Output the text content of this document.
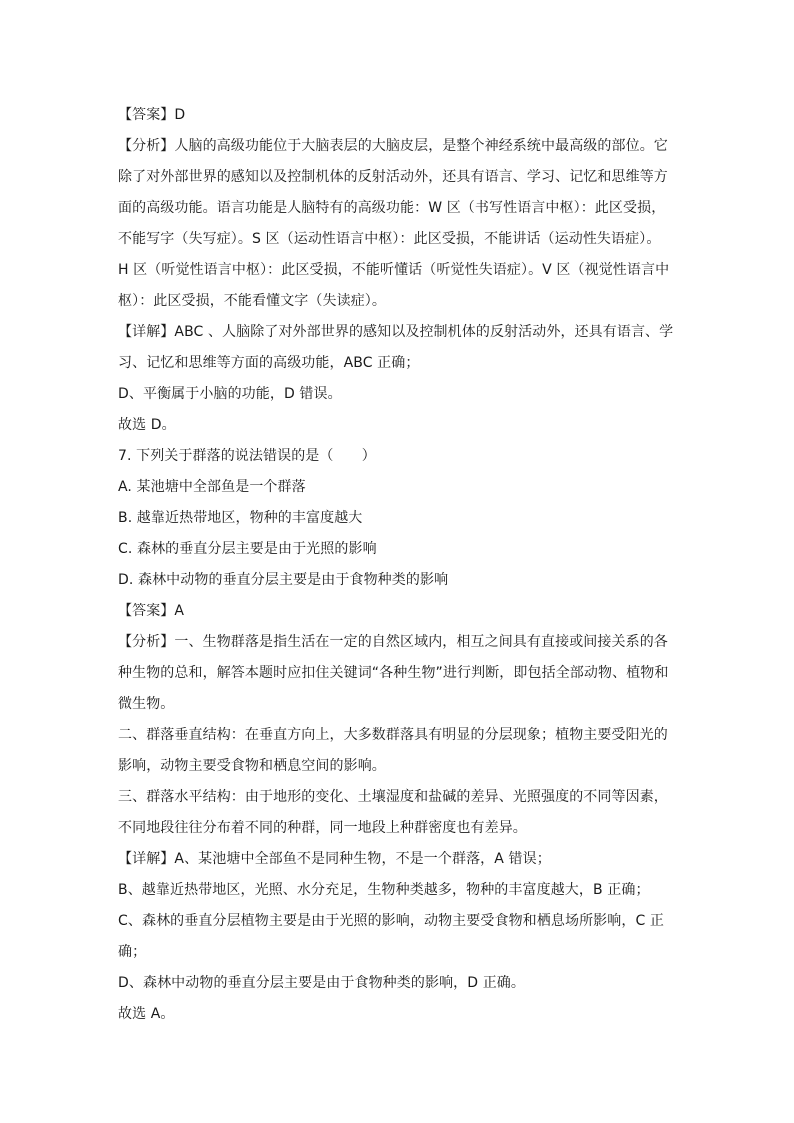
【答案】D
【分析】人脑的高级功能位于大脑表层的大脑皮层，是整个神经系统中最高级的部位。它
除了对外部世界的感知以及控制机体的反射活动外，还具有语言、学习、记忆和思维等方
面的高级功能。语言功能是人脑特有的高级功能：W 区（书写性语言中枢）：此区受损，
不能写字（失写症）。S 区（运动性语言中枢）：此区受损，不能讲话（运动性失语症）。
H 区（听觉性语言中枢）：此区受损，不能听懂话（听觉性失语症）。V 区（视觉性语言中
枢）：此区受损，不能看懂文字（失读症）。
【详解】ABC 、人脑除了对外部世界的感知以及控制机体的反射活动外，还具有语言、学
习、记忆和思维等方面的高级功能，ABC 正确；
D、平衡属于小脑的功能，D 错误。
故选 D。
7. 下列关于群落的说法错误的是（　　）
A. 某池塘中全部鱼是一个群落
B. 越靠近热带地区，物种的丰富度越大
C. 森林的垂直分层主要是由于光照的影响
D. 森林中动物的垂直分层主要是由于食物种类的影响
【答案】A
【分析】一、生物群落是指生活在一定的自然区域内，相互之间具有直接或间接关系的各
种生物的总和，解答本题时应扣住关键词“各种生物”进行判断，即包括全部动物、植物和
微生物。
二、群落垂直结构：在垂直方向上，大多数群落具有明显的分层现象；植物主要受阳光的
影响，动物主要受食物和栖息空间的影响。
三、群落水平结构：由于地形的变化、土壤湿度和盐碱的差异、光照强度的不同等因素，
不同地段往往分布着不同的种群，同一地段上种群密度也有差异。
【详解】A、某池塘中全部鱼不是同种生物，不是一个群落，A 错误；
B、越靠近热带地区，光照、水分充足，生物种类越多，物种的丰富度越大，B 正确；
C、森林的垂直分层植物主要是由于光照的影响，动物主要受食物和栖息场所影响，C 正
确；
D、森林中动物的垂直分层主要是由于食物种类的影响，D 正确。
故选 A。
